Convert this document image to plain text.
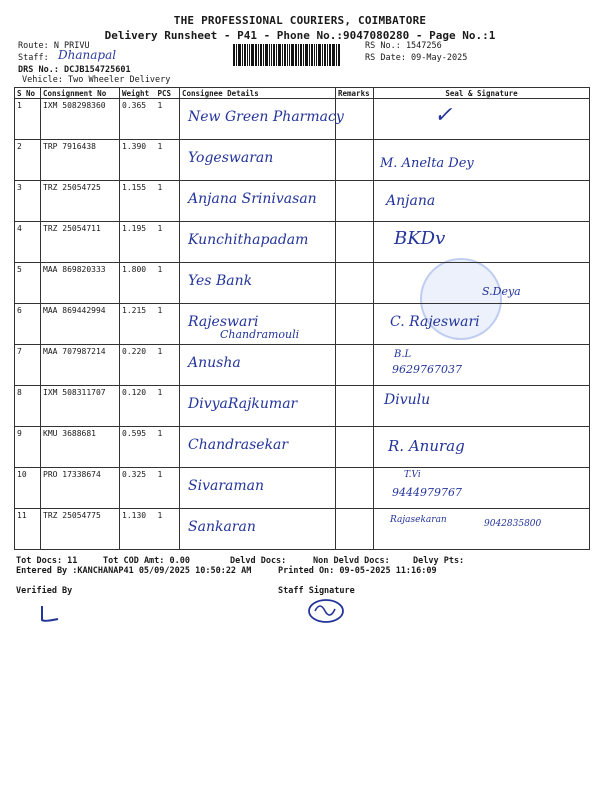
THE PROFESSIONAL COURIERS, COIMBATORE
Delivery Runsheet - P41 - Phone No.:9047080280 - Page No.:1
Route: N PRIVU
Staff: Dhanapal
DRS No.: DCJB154725601
Vehicle: Two Wheeler Delivery
RS No.: 1547256
RS Date: 09-May-2025
S No	Consignment No	Weight	PCS	Consignee Details	Remarks	Seal & Signature
1	IXM 508298360	0.365	1	New Green Pharmacy		✓

2	TRP 7916438	1.390	1	Yogeswaran		M. Anelta Dey

3	TRZ 25054725	1.155	1	Anjana Srinivasan		Anjana

4	TRZ 25054711	1.195	1	Kunchithapadam		BKDv

5	MAA 869820333	1.800	1	Yes Bank		S.Deya

6	MAA 869442994	1.215	1	Rajeswari
Chandramouli		C. Rajeswari

7	MAA 707987214	0.220	1	Anusha		B.L
9629767037

8	IXM 508311707	0.120	1	DivyaRajkumar		Divulu

9	KMU 3688681	0.595	1	Chandrasekar		R. Anurag

10	PRO 17338674	0.325	1	Sivaraman		T.Vi
9444979767

11	TRZ 25054775	1.130	1	Sankaran		Rajasekaran 9042835800
Tot Docs: 11	Tot COD Amt: 0.00	Delvd Docs:	Non Delvd Docs:	Delvy Pts:
Entered By :KANCHANAP41 05/09/2025 10:50:22 AM	Printed On: 09-05-2025 11:16:09
Verified By	Staff Signature
